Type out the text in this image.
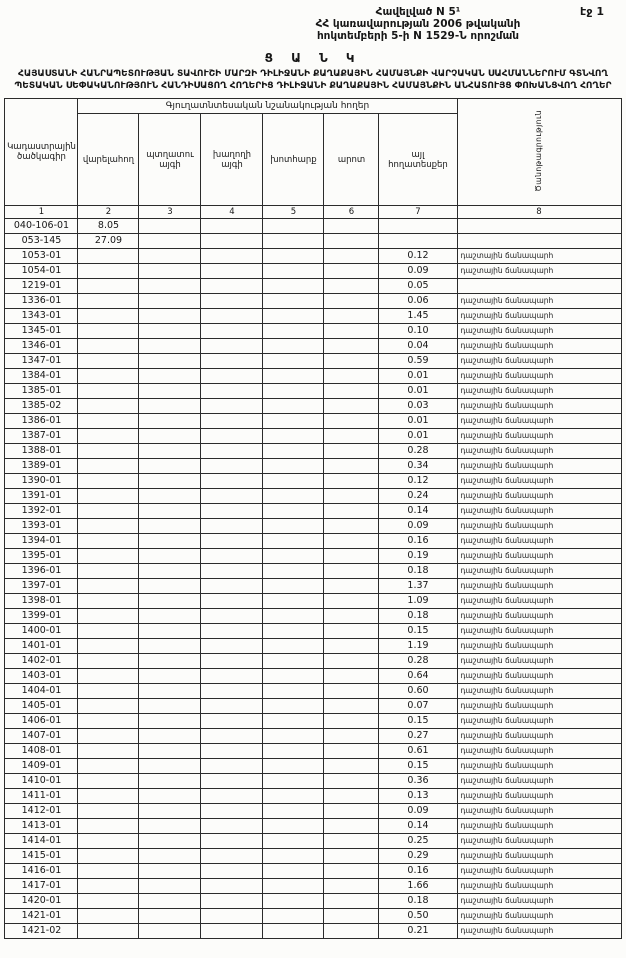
էջ 1
Հավելված N 5¹
ՀՀ կառավարության 2006 թվականի
հոկտեմբերի 5-ի N 1529-Ն որոշման
Ց Ա Ն Կ
ՀԱՅԱՍՏԱՆԻ ՀԱՆՐԱՊԵՏՈՒԹՅԱՆ ՏԱՎՈՒՇԻ ՄԱՐԶԻ ԴԻԼԻՋԱՆԻ ՔԱՂԱՔԱՅԻՆ ՀԱՄԱՅՆՔԻ ՎԱՐՉԱԿԱՆ ՍԱՀՄԱՆՆԵՐՈՒՄ ԳՏՆՎՈՂ ՊԵՏԱԿԱՆ ՍԵՓԱԿԱՆՈՒԹՅՈՒՆ ՀԱՆԴԻՍԱՑՈՂ ՀՈՂԵՐԻՑ ԴԻԼԻՋԱՆԻ ՔԱՂԱՔԱՅԻՆ ՀԱՄԱՅՆՔԻՆ ԱՆՀԱՏՈՒՅՑ ՓՈԽԱՆՑՎՈՂ ՀՈՂԵՐ
Կադաստրային ծածկագիր	Գյուղատնտեսական նշանակության հողեր						Ծանոթագրություն
	վարելահող	պտղատու այգի	խաղողի այգի	խոտհարք	արոտ	այլ հողատեսքեր	
1	2	3	4	5	6	7	8
040-106-01	8.05						
053-145	27.09						
1053-01						0.12	դաշտային ճանապարհ
1054-01						0.09	դաշտային ճանապարհ
1219-01						0.05	
1336-01						0.06	դաշտային ճանապարհ
1343-01						1.45	դաշտային ճանապարհ
1345-01						0.10	դաշտային ճանապարհ
1346-01						0.04	դաշտային ճանապարհ
1347-01						0.59	դաշտային ճանապարհ
1384-01						0.01	դաշտային ճանապարհ
1385-01						0.01	դաշտային ճանապարհ
1385-02						0.03	դաշտային ճանապարհ
1386-01						0.01	դաշտային ճանապարհ
1387-01						0.01	դաշտային ճանապարհ
1388-01						0.28	դաշտային ճանապարհ
1389-01						0.34	դաշտային ճանապարհ
1390-01						0.12	դաշտային ճանապարհ
1391-01						0.24	դաշտային ճանապարհ
1392-01						0.14	դաշտային ճանապարհ
1393-01						0.09	դաշտային ճանապարհ
1394-01						0.16	դաշտային ճանապարհ
1395-01						0.19	դաշտային ճանապարհ
1396-01						0.18	դաշտային ճանապարհ
1397-01						1.37	դաշտային ճանապարհ
1398-01						1.09	դաշտային ճանապարհ
1399-01						0.18	դաշտային ճանապարհ
1400-01						0.15	դաշտային ճանապարհ
1401-01						1.19	դաշտային ճանապարհ
1402-01						0.28	դաշտային ճանապարհ
1403-01						0.64	դաշտային ճանապարհ
1404-01						0.60	դաշտային ճանապարհ
1405-01						0.07	դաշտային ճանապարհ
1406-01						0.15	դաշտային ճանապարհ
1407-01						0.27	դաշտային ճանապարհ
1408-01						0.61	դաշտային ճանապարհ
1409-01						0.15	դաշտային ճանապարհ
1410-01						0.36	դաշտային ճանապարհ
1411-01						0.13	դաշտային ճանապարհ
1412-01						0.09	դաշտային ճանապարհ
1413-01						0.14	դաշտային ճանապարհ
1414-01						0.25	դաշտային ճանապարհ
1415-01						0.29	դաշտային ճանապարհ
1416-01						0.16	դաշտային ճանապարհ
1417-01						1.66	դաշտային ճանապարհ
1420-01						0.18	դաշտային ճանապարհ
1421-01						0.50	դաշտային ճանապարհ
1421-02						0.21	դաշտային ճանապարհ
